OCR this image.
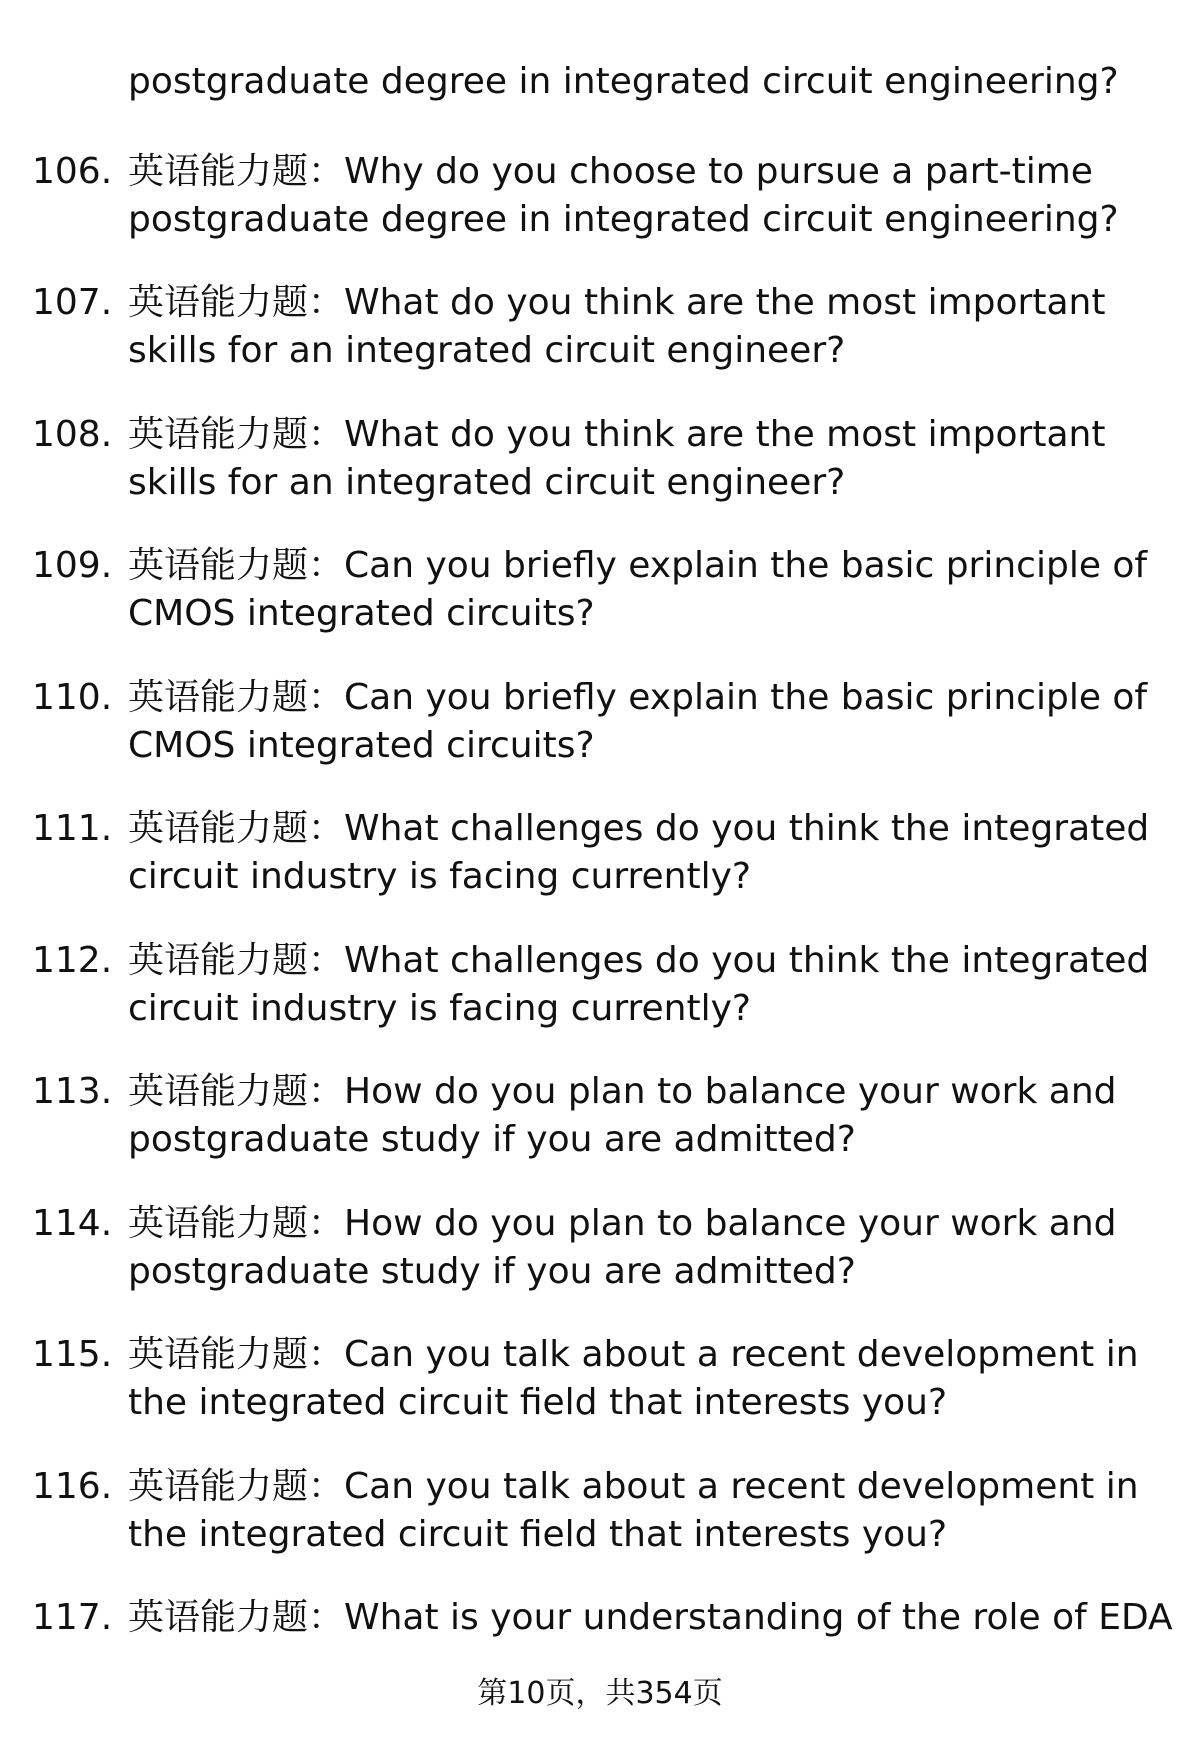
postgraduate degree in integrated circuit engineering?
106. 英语能力题：Why do you choose to pursue a part-time
postgraduate degree in integrated circuit engineering?
107. 英语能力题：What do you think are the most important
skills for an integrated circuit engineer?
108. 英语能力题：What do you think are the most important
skills for an integrated circuit engineer?
109. 英语能力题：Can you briefly explain the basic principle of
CMOS integrated circuits?
110. 英语能力题：Can you briefly explain the basic principle of
CMOS integrated circuits?
111. 英语能力题：What challenges do you think the integrated
circuit industry is facing currently?
112. 英语能力题：What challenges do you think the integrated
circuit industry is facing currently?
113. 英语能力题：How do you plan to balance your work and
postgraduate study if you are admitted?
114. 英语能力题：How do you plan to balance your work and
postgraduate study if you are admitted?
115. 英语能力题：Can you talk about a recent development in
the integrated circuit field that interests you?
116. 英语能力题：Can you talk about a recent development in
the integrated circuit field that interests you?
117. 英语能力题：What is your understanding of the role of EDA
第10页，共354页
